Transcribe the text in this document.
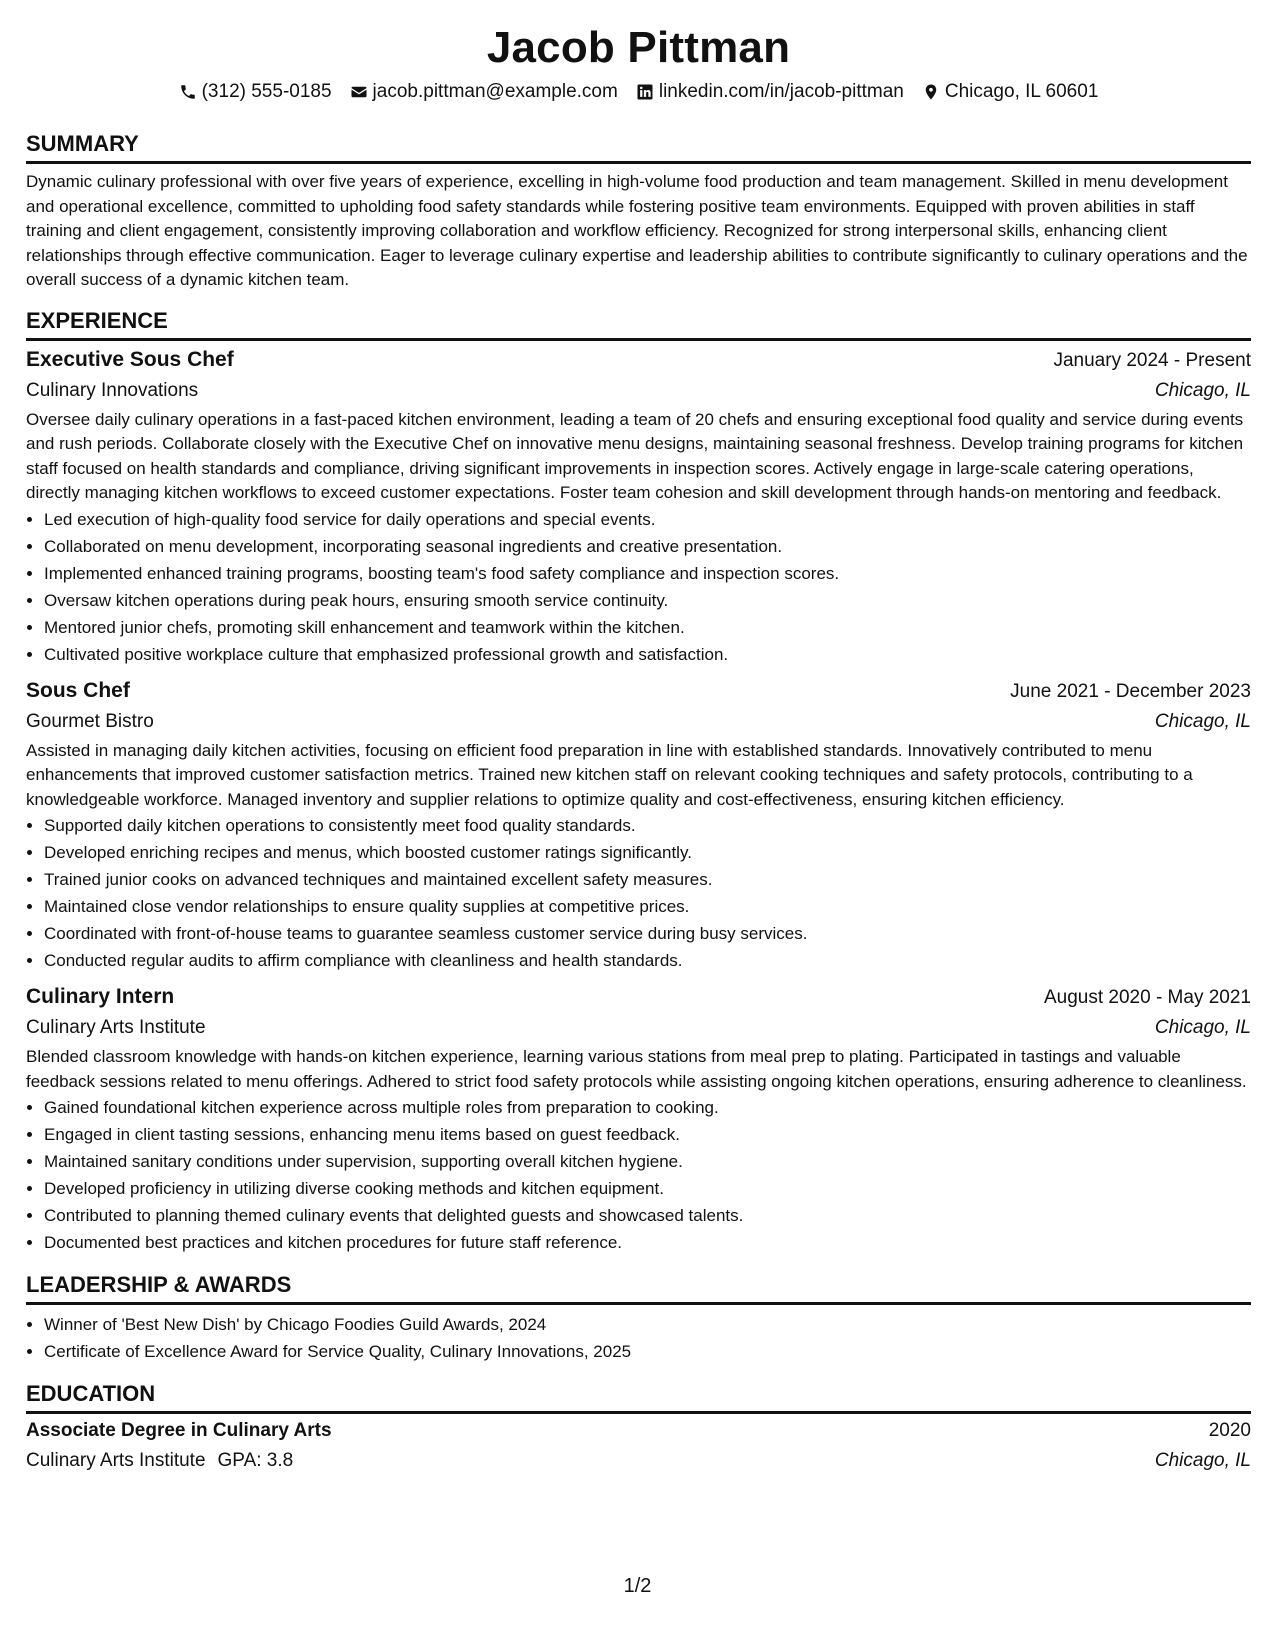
Jacob Pittman
(312) 555-0185 jacob.pittman@example.com linkedin.com/in/jacob-pittman Chicago, IL 60601
SUMMARY

Dynamic culinary professional with over five years of experience, excelling in high-volume food production and team management. Skilled in menu development and operational excellence, committed to upholding food safety standards while fostering positive team environments. Equipped with proven abilities in staff training and client engagement, consistently improving collaboration and workflow efficiency. Recognized for strong interpersonal skills, enhancing client relationships through effective communication. Eager to leverage culinary expertise and leadership abilities to contribute significantly to culinary operations and the overall success of a dynamic kitchen team.

EXPERIENCE
Executive Sous Chef	January 2024 - Present
Culinary Innovations	Chicago, IL

Oversee daily culinary operations in a fast-paced kitchen environment, leading a team of 20 chefs and ensuring exceptional food quality and service during events and rush periods. Collaborate closely with the Executive Chef on innovative menu designs, maintaining seasonal freshness. Develop training programs for kitchen staff focused on health standards and compliance, driving significant improvements in inspection scores. Actively engage in large-scale catering operations, directly managing kitchen workflows to exceed customer expectations. Foster team cohesion and skill development through hands-on mentoring and feedback.

• Led execution of high-quality food service for daily operations and special events.
• Collaborated on menu development, incorporating seasonal ingredients and creative presentation.
• Implemented enhanced training programs, boosting team's food safety compliance and inspection scores.
• Oversaw kitchen operations during peak hours, ensuring smooth service continuity.
• Mentored junior chefs, promoting skill enhancement and teamwork within the kitchen.
• Cultivated positive workplace culture that emphasized professional growth and satisfaction.
Sous Chef	June 2021 - December 2023
Gourmet Bistro	Chicago, IL

Assisted in managing daily kitchen activities, focusing on efficient food preparation in line with established standards. Innovatively contributed to menu enhancements that improved customer satisfaction metrics. Trained new kitchen staff on relevant cooking techniques and safety protocols, contributing to a knowledgeable workforce. Managed inventory and supplier relations to optimize quality and cost-effectiveness, ensuring kitchen efficiency.

• Supported daily kitchen operations to consistently meet food quality standards.
• Developed enriching recipes and menus, which boosted customer ratings significantly.
• Trained junior cooks on advanced techniques and maintained excellent safety measures.
• Maintained close vendor relationships to ensure quality supplies at competitive prices.
• Coordinated with front-of-house teams to guarantee seamless customer service during busy services.
• Conducted regular audits to affirm compliance with cleanliness and health standards.
Culinary Intern	August 2020 - May 2021
Culinary Arts Institute	Chicago, IL

Blended classroom knowledge with hands-on kitchen experience, learning various stations from meal prep to plating. Participated in tastings and valuable feedback sessions related to menu offerings. Adhered to strict food safety protocols while assisting ongoing kitchen operations, ensuring adherence to cleanliness.

• Gained foundational kitchen experience across multiple roles from preparation to cooking.
• Engaged in client tasting sessions, enhancing menu items based on guest feedback.
• Maintained sanitary conditions under supervision, supporting overall kitchen hygiene.
• Developed proficiency in utilizing diverse cooking methods and kitchen equipment.
• Contributed to planning themed culinary events that delighted guests and showcased talents.
• Documented best practices and kitchen procedures for future staff reference.
LEADERSHIP & AWARDS
• Winner of 'Best New Dish' by Chicago Foodies Guild Awards, 2024
• Certificate of Excellence Award for Service Quality, Culinary Innovations, 2025
EDUCATION
Associate Degree in Culinary Arts	2020
Culinary Arts Institute GPA: 3.8	Chicago, IL
1/2
